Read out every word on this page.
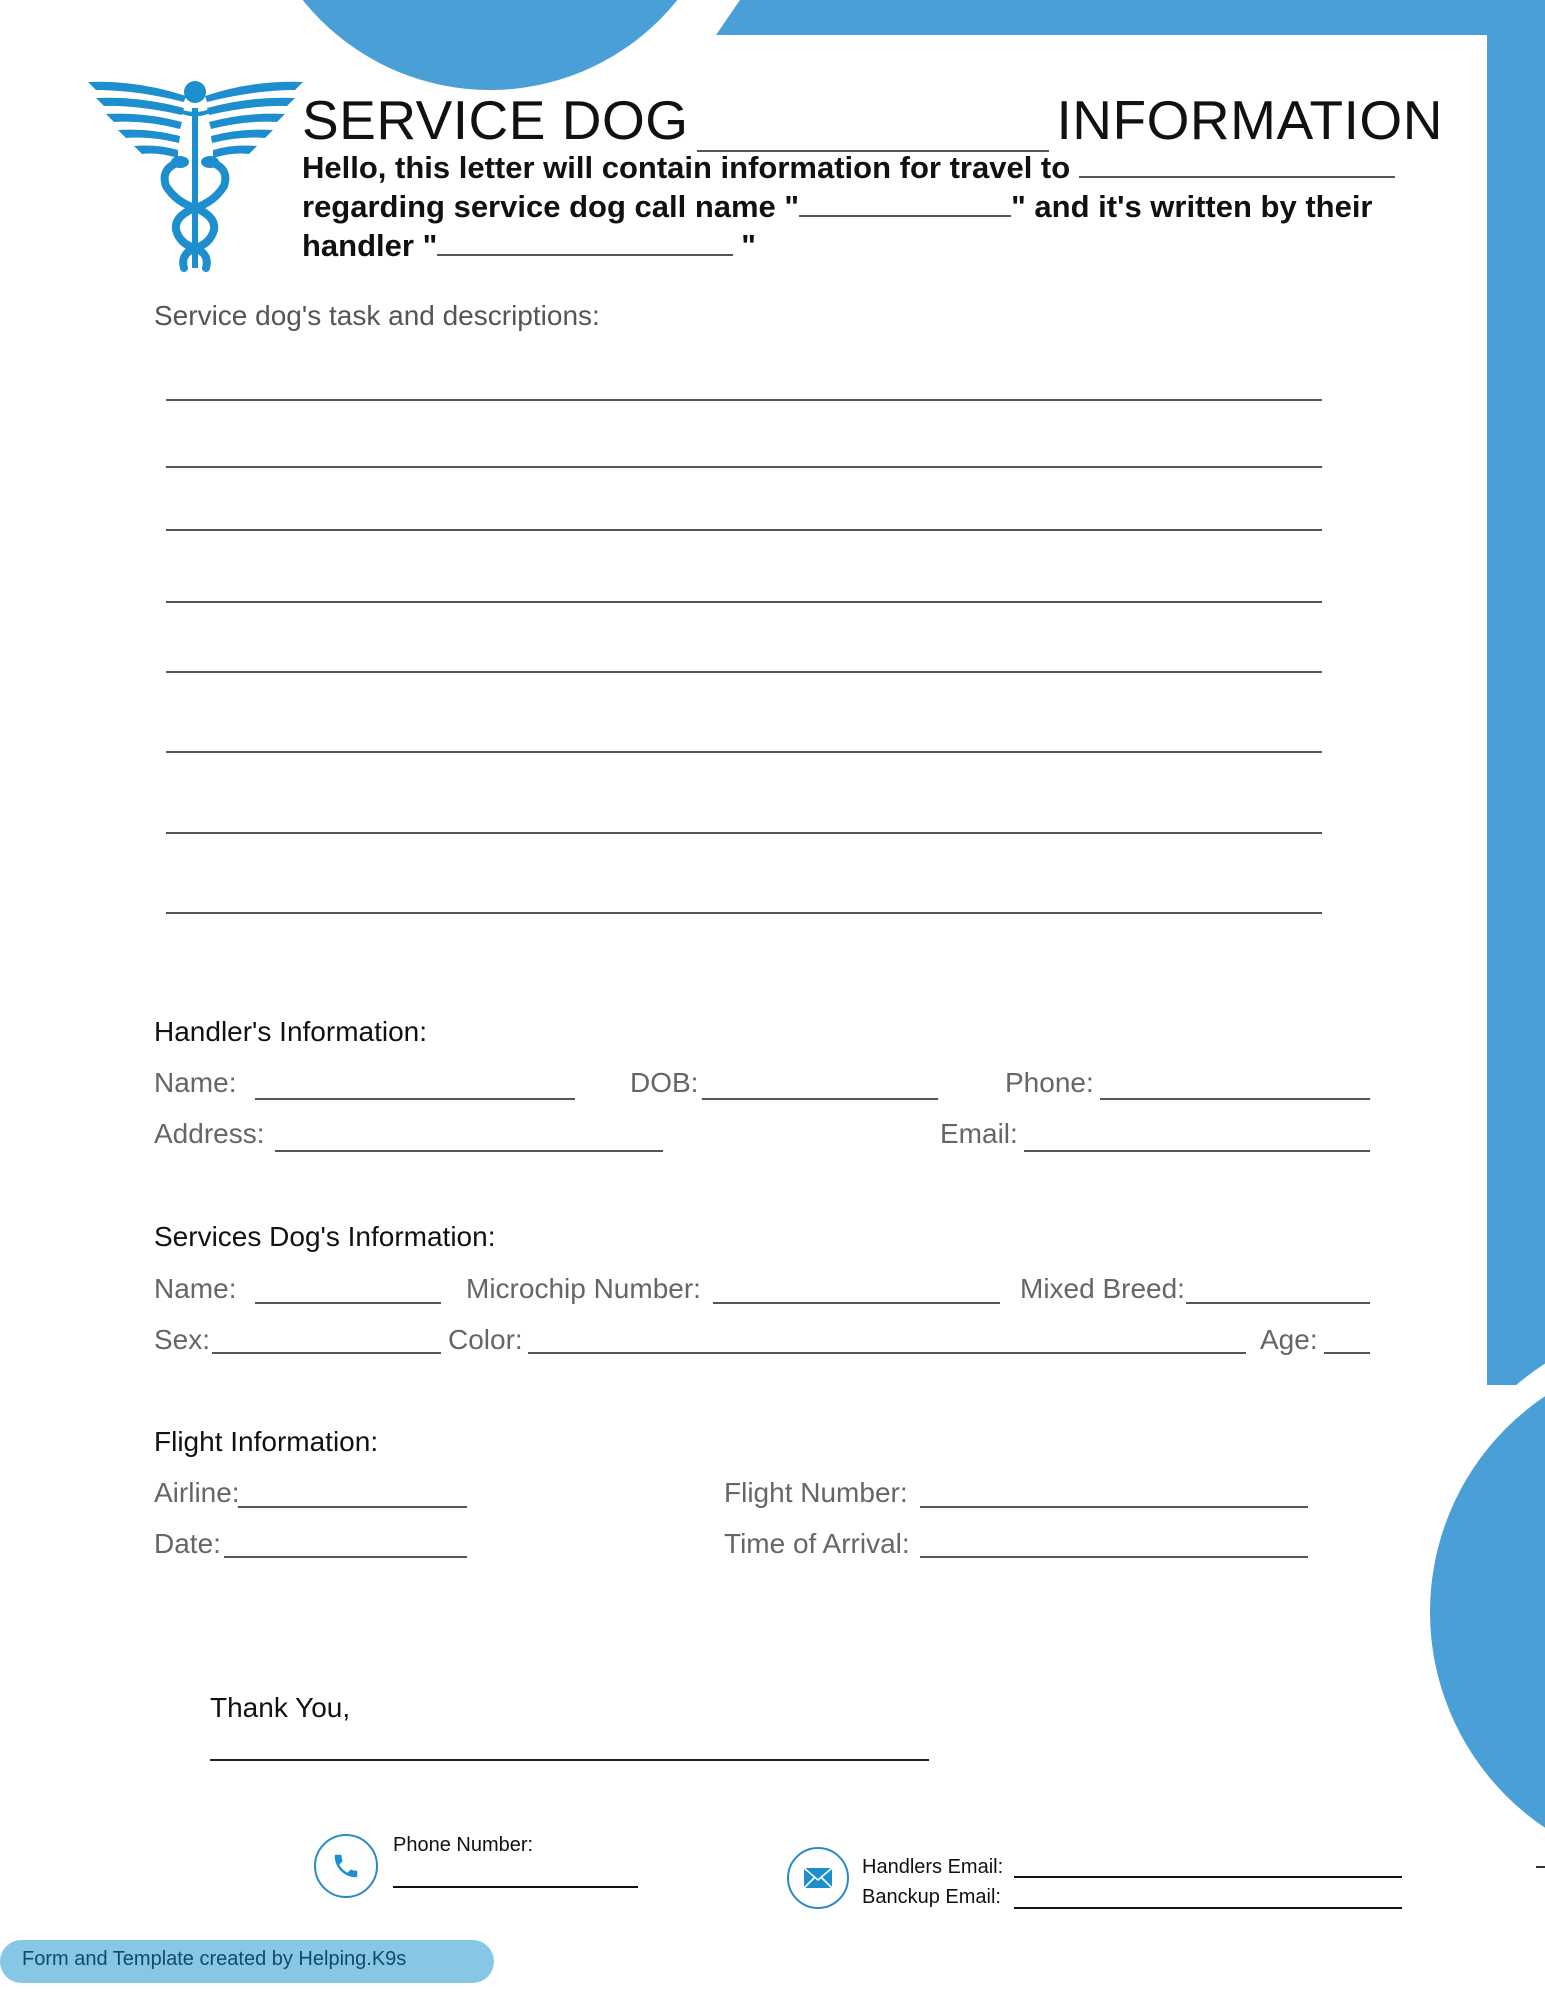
SERVICE DOG	INFORMATION
Hello, this letter will contain information for travel to
regarding service dog call name "	" and it's written by their
handler "	"
Service dog's task and descriptions:
Handler's Information:
Name:	DOB:	Phone:
Address:	Email:
Services Dog's Information:
Name:	Microchip Number:	Mixed Breed:
Sex:	Color:	Age:
Flight Information:
Airline:	Flight Number:
Date:	Time of Arrival:
Thank You,
Phone Number:
Handlers Email:
Banckup Email:
Form and Template created by Helping.K9s
